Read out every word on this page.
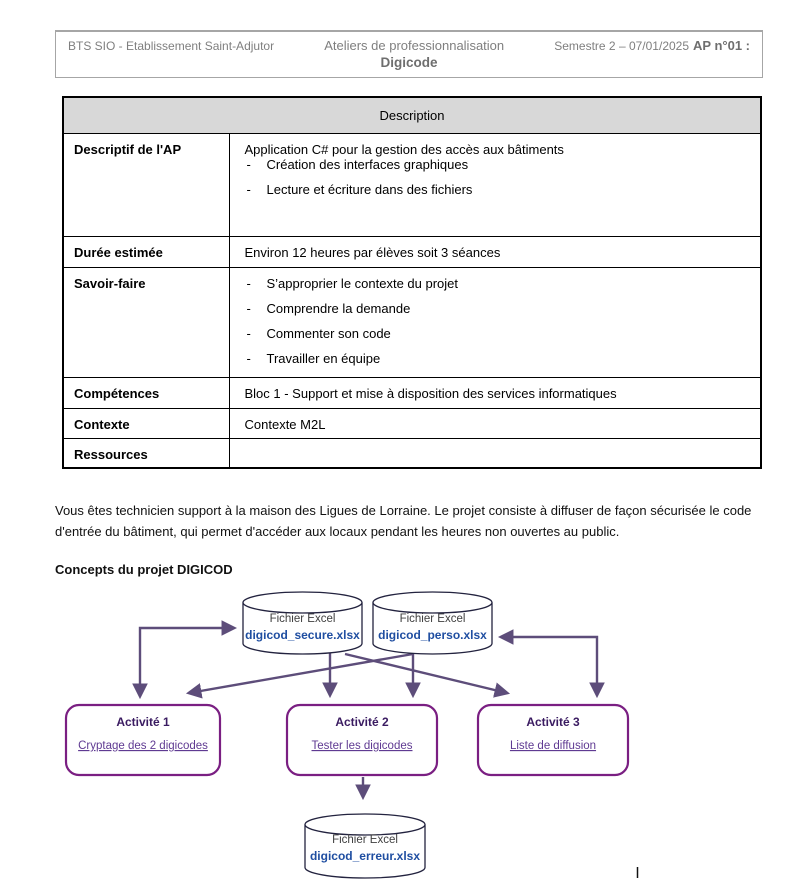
BTS SIO - Etablissement Saint-Adjutor	Ateliers de professionnalisation	Semestre 2 – 07/01/2025 AP n°01 :
Digicode
Description	
Descriptif de l'AP	Application C# pour la gestion des accès aux bâtiments

- Création des interfaces graphiques
- Lecture et écriture dans des fichiers

Durée estimée	Environ 12 heures par élèves soit 3 séances
Savoir-faire	
-S’approprier le contexte du projet
- Comprendre la demande
- Commenter son code
- Travailler en équipe

Compétences	Bloc 1 - Support et mise à disposition des services informatiques
Contexte	Contexte M2L
Ressources	

Vous êtes technicien support à la maison des Ligues de Lorraine. Le projet consiste à diffuser de façon sécurisée le code d'entrée du bâtiment, qui permet d'accéder aux locaux pendant les heures non ouvertes au public.

Concepts du projet DIGICOD
Fichier Excel
digicod_secure.xlsx
Fichier Excel
digicod_perso.xlsx
Activité 1
Cryptage des 2 digicodes
Activité 2
Tester les digicodes
Activité 3
Liste de diffusion
Fichier Excel
digicod_erreur.xlsx
